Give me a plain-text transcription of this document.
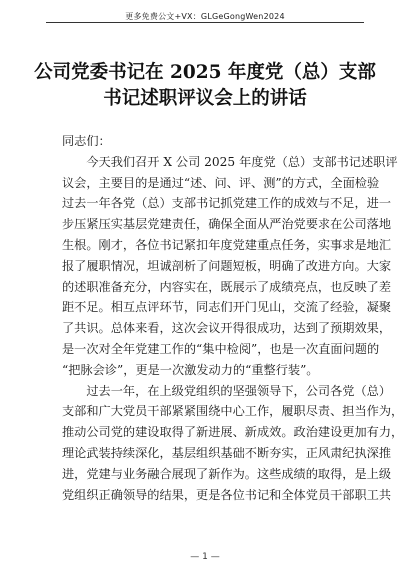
更多免费公文+VX：GLGeGongWen2024
公司党委书记在 2025 年度党（总）支部
书记述职评议会上的讲话
同志们：
　　今天我们召开 X 公司 2025 年度党（总）支部书记述职评
议会，主要目的是通过“述、问、评、测”的方式，全面检验
过去一年各党（总）支部书记抓党建工作的成效与不足，进一
步压紧压实基层党建责任，确保全面从严治党要求在公司落地
生根。刚才，各位书记紧扣年度党建重点任务，实事求是地汇
报了履职情况，坦诚剖析了问题短板，明确了改进方向。大家
的述职准备充分，内容实在，既展示了成绩亮点，也反映了差
距不足。相互点评环节，同志们开门见山，交流了经验，凝聚
了共识。总体来看，这次会议开得很成功，达到了预期效果，
是一次对全年党建工作的“集中检阅”，也是一次直面问题的
“把脉会诊”，更是一次激发动力的“重整行装”。
　　过去一年，在上级党组织的坚强领导下，公司各党（总）
支部和广大党员干部紧紧围绕中心工作，履职尽责、担当作为，
推动公司党的建设取得了新进展、新成效。政治建设更加有力，
理论武装持续深化，基层组织基础不断夯实，正风肃纪执深推
进，党建与业务融合展现了新作为。这些成绩的取得，是上级
党组织正确领导的结果，更是各位书记和全体党员干部职工共
— 1 —
